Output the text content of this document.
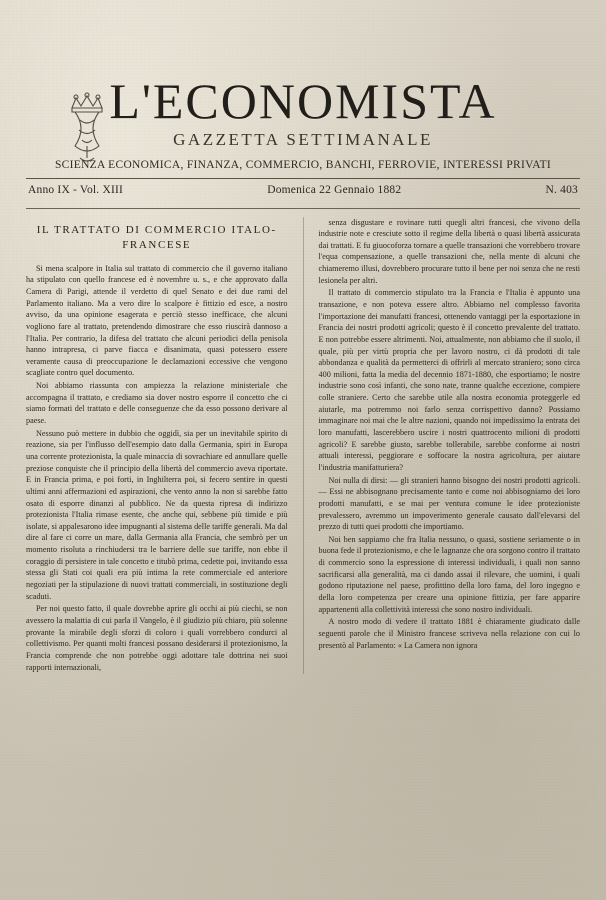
L'ECONOMISTA
GAZZETTA SETTIMANALE
SCIENZA ECONOMICA, FINANZA, COMMERCIO, BANCHI, FERROVIE, INTERESSI PRIVATI
Anno IX - Vol. XIII	Domenica 22 Gennaio 1882	N. 403
IL TRATTATO DI COMMERCIO ITALO-FRANCESE

Si mena scalpore in Italia sul trattato di commercio che il governo italiano ha stipulato con quello francese ed è novembre u. s., e che approvato dalla Camera di Parigi, attende il verdetto di quel Senato e dei due rami del Parlamento italiano. Ma a vero dire lo scalpore è fittizio ed esce, a nostro avviso, da una opinione esagerata e perciò stesso inefficace, che alcuni vogliono fare al trattato, pretendendo dimostrare che esso riuscirà dannoso a l'Italia. Per contrario, la difesa del trattato che alcuni periodici della penisola hanno intrapresa, ci parve fiacca e disanimata, quasi potessero essere veramente causa di preoccupazione le declamazioni eccessive che vengono scagliate contro quel documento.

Noi abbiamo riassunta con ampiezza la relazione ministeriale che accompagna il trattato, e crediamo sia dover nostro esporre il concetto che ci siamo formati del trattato e delle conseguenze che da esso possono derivare al paese.

Nessuno può mettere in dubbio che oggidì, sia per un inevitabile spirito di reazione, sia per l'influsso dell'esempio dato dalla Germania, spiri in Europa una corrente protezionista, la quale minaccia di sovrachiare ed annullare quelle preziose conquiste che il principio della libertà del commercio aveva riportate. E in Francia prima, e poi forti, in Inghilterra poi, si fecero sentire in questi ultimi anni affermazioni ed aspirazioni, che vento anno la non si sarebbe fatto osato di esporre dinanzi al pubblico. Ne da questa ripresa di indirizzo protezionista l'Italia rimase esente, che anche qui, sebbene più timide e più isolate, si appalesarono idee impugnanti al sistema delle tariffe generali. Ma dal dire al fare ci corre un mare, dalla Germania alla Francia, che sembrò per un momento risoluta a rinchiudersi tra le barriere delle sue tariffe, non ebbe il coraggio di persistere in tale concetto e titubò prima, cedette poi, invitando essa stessa gli Stati coi quali era più intima la rete commerciale ed anteriore negoziati per la stipulazione di nuovi trattati commerciali, in sostituzione degli scaduti.

Per noi questo fatto, il quale dovrebbe aprire gli occhi ai più ciechi, se non avessero la malattia di cui parla il Vangelo, è il giudizio più chiaro, più solenne provante la mirabile degli sforzi di coloro i quali vorrebbero condurci al collettivismo. Per quanti molti francesi possano desiderarsi il protezionismo, la Francia comprende che non potrebbe oggi adottare tale dottrina nei suoi rapporti internazionali,

senza disgustare e rovinare tutti quegli altri francesi, che vivono della industrie note e cresciute sotto il regime della libertà o quasi libertà assicurata dai trattati. E fu giuocoforza tornare a quelle transazioni che vorrebbero trovare l'equa compensazione, a quelle transazioni che, nella mente di alcuni che chiameremo illusi, dovrebbero procurare tutto il bene per noi senza che ne resti lesionela per altri.

Il trattato di commercio stipulato tra la Francia e l'Italia è appunto una transazione, e non poteva essere altro. Abbiamo nel complesso favorita l'importazione dei manufatti francesi, ottenendo vantaggi per la esportazione in Francia dei nostri prodotti agricoli; questo è il concetto prevalente del trattato. E non potrebbe essere altrimenti. Noi, attualmente, non abbiamo che il suolo, il quale, più per virtù propria che per lavoro nostro, ci dà prodotti di tale abbondanza e qualità da permetterci di offrirli al mercato straniero; sono circa 400 milioni, fatta la media del decennio 1871-1880, che esportiamo; le nostre industrie sono così infanti, che sono nate, tranne qualche eccezione, compiere colle straniere. Certo che sarebbe utile alla nostra economia proteggerle ed aiutarle, ma potremmo noi farlo senza corrispettivo danno? Possiamo immaginare noi mai che le altre nazioni, quando noi impedissimo la entrata dei loro manufatti, lascerebbero uscire i nostri quattrocento milioni di prodotti agricoli? E sarebbe giusto, sarebbe tollerabile, sarebbe conforme ai nostri attuali interessi, peggiorare e soffocare la nostra agricoltura, per aiutare l'industria manifatturiera?

Noi nulla di dirsi: — gli stranieri hanno bisogno dei nostri prodotti agricoli. — Essi ne abbisognano precisamente tanto e come noi abbisogniamo dei loro prodotti manufatti, e se mai per ventura comune le idee protezioniste prevalessero, avremmo un impoverimento generale causato dall'elevarsi del prezzo di tutti quei prodotti che importiamo.

Noi ben sappiamo che fra Italia nessuno, o quasi, sostiene seriamente o in buona fede il protezionismo, e che le lagnanze che ora sorgono contro il trattato di commercio sono la espressione di interessi individuali, i quali non sanno sacrificarsi alla generalità, ma ci dando assai il rilevare, che uomini, i quali godono riputazione nel paese, profittino della loro fama, del loro ingegno e della loro competenza per creare una opinione fittizia, per fare apparire appartenenti alla collettività interessi che sono nostro individuali.

A nostro modo di vedere il trattato 1881 è chiaramente giudicato dalle seguenti parole che il Ministro francese scriveva nella relazione con cui lo presentò al Parlamento: « La Camera non ignora
